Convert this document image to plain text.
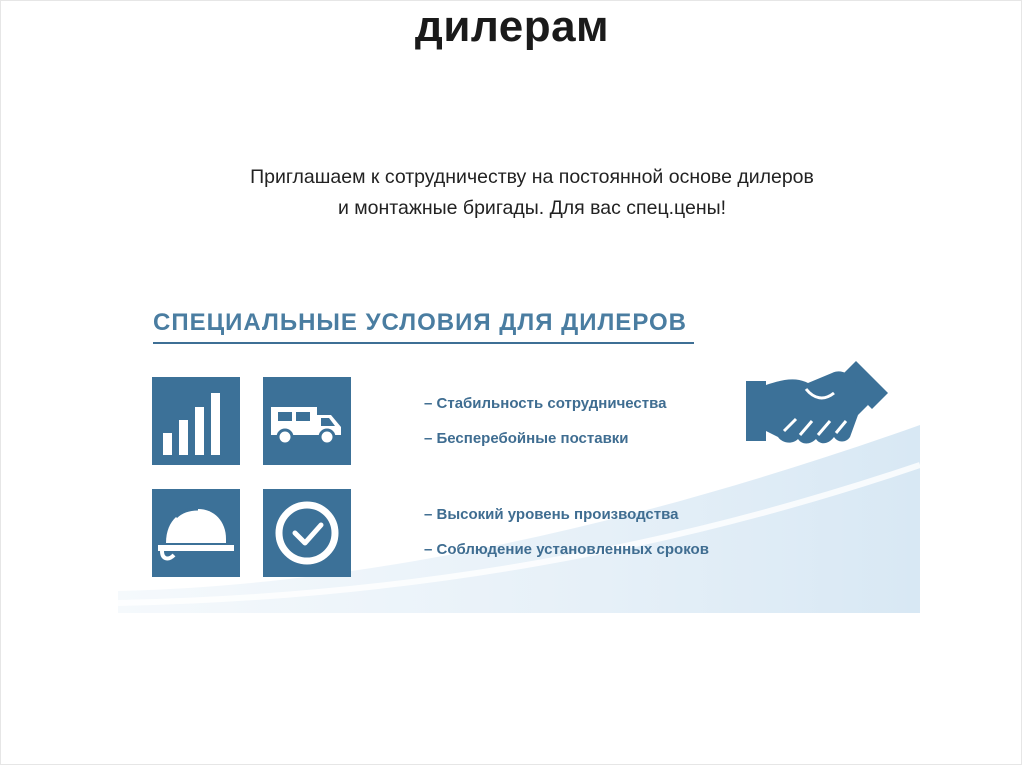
дилерам
Приглашаем к сотрудничеству на постоянной основе дилеров
и монтажные бригады. Для вас спец.цены!
СПЕЦИАЛЬНЫЕ УСЛОВИЯ ДЛЯ ДИЛЕРОВ
– Стабильность сотрудничества
– Бесперебойные поставки
– Высокий уровень производства
– Соблюдение установленных сроков
